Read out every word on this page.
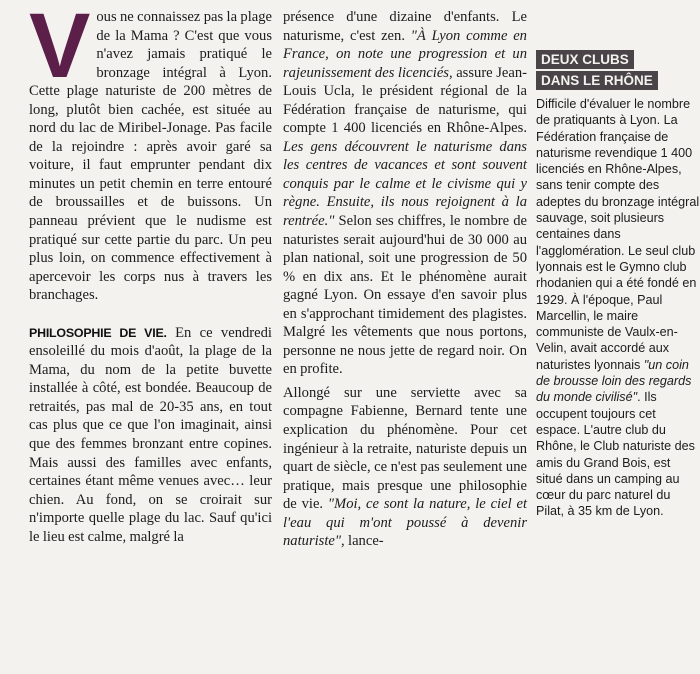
Vous ne connaissez pas la plage de la Mama ? C'est que vous n'avez jamais pratiqué le bronzage intégral à Lyon. Cette plage naturiste de 200 mètres de long, plutôt bien cachée, est située au nord du lac de Miribel-Jonage. Pas facile de la rejoindre : après avoir garé sa voiture, il faut emprunter pendant dix minutes un petit chemin en terre entouré de broussailles et de buissons. Un panneau prévient que le nudisme est pratiqué sur cette partie du parc. Un peu plus loin, on commence effectivement à apercevoir les corps nus à travers les branchages.

PHILOSOPHIE DE VIE. En ce vendredi ensoleillé du mois d'août, la plage de la Mama, du nom de la petite buvette installée à côté, est bondée. Beaucoup de retraités, pas mal de 20-35 ans, en tout cas plus que ce que l'on imaginait, ainsi que des femmes bronzant entre copines. Mais aussi des familles avec enfants, certaines étant même venues avec… leur chien. Au fond, on se croirait sur n'importe quelle plage du lac. Sauf qu'ici le lieu est calme, malgré la

présence d'une dizaine d'enfants. Le naturisme, c'est zen. "À Lyon comme en France, on note une progression et un rajeunissement des licenciés, assure Jean-Louis Ucla, le président régional de la Fédération française de naturisme, qui compte 1 400 licenciés en Rhône-Alpes. Les gens découvrent le naturisme dans les centres de vacances et sont souvent conquis par le calme et le civisme qui y règne. Ensuite, ils nous rejoignent à la rentrée." Selon ses chiffres, le nombre de naturistes serait aujourd'hui de 30 000 au plan national, soit une progression de 50 % en dix ans. Et le phénomène aurait gagné Lyon. On essaye d'en savoir plus en s'approchant timidement des plagistes. Malgré les vêtements que nous portons, personne ne nous jette de regard noir. On en profite.

Allongé sur une serviette avec sa compagne Fabienne, Bernard tente une explication du phénomène. Pour cet ingénieur à la retraite, naturiste depuis un quart de siècle, ce n'est pas seulement une pratique, mais presque une philosophie de vie. "Moi, ce sont la nature, le ciel et l'eau qui m'ont poussé à devenir naturiste", lance-

DEUX CLUBS
DANS LE RHÔNE

Difficile d'évaluer le nombre de pratiquants à Lyon. La Fédération française de naturisme revendique 1 400 licenciés en Rhône-Alpes, sans tenir compte des adeptes du bronzage intégral sauvage, soit plusieurs centaines dans l'agglomération. Le seul club lyonnais est le Gymno club rhodanien qui a été fondé en 1929. À l'époque, Paul Marcellin, le maire communiste de Vaulx-en-Velin, avait accordé aux naturistes lyonnais "un coin de brousse loin des regards du monde civilisé". Ils occupent toujours cet espace. L'autre club du Rhône, le Club naturiste des amis du Grand Bois, est situé dans un camping au cœur du parc naturel du Pilat, à 35 km de Lyon.
